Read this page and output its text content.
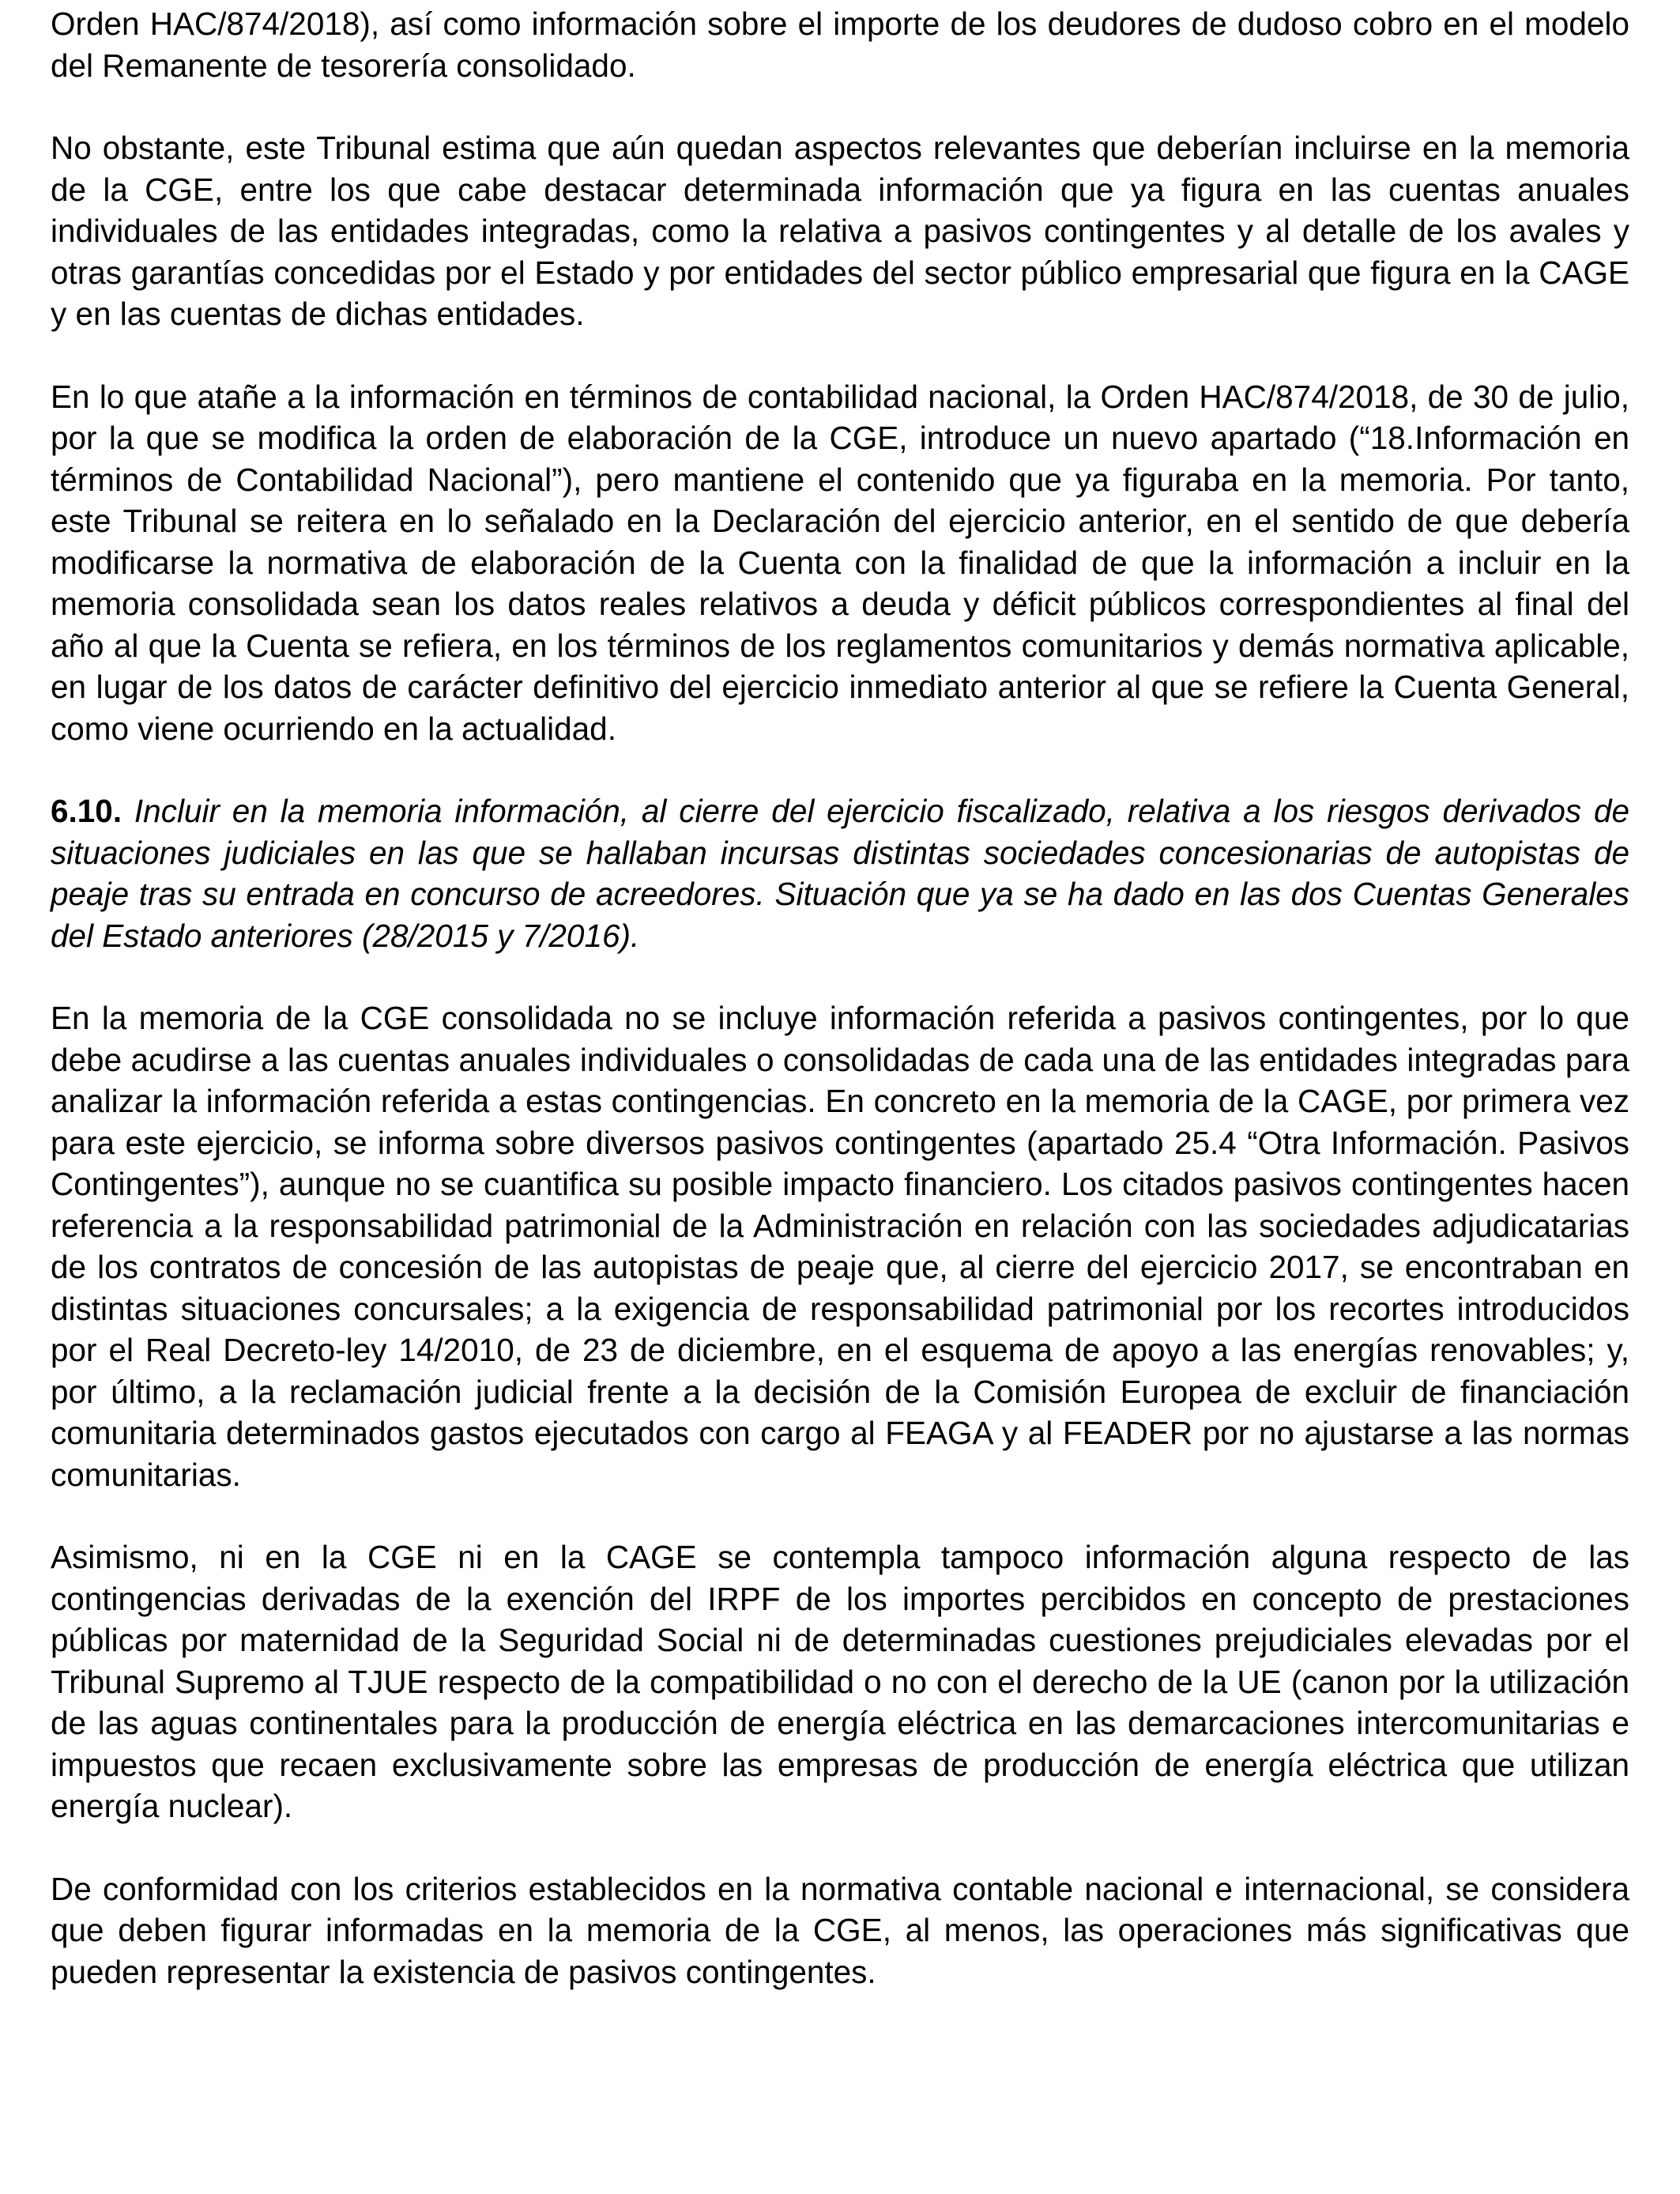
Orden HAC/874/2018), así como información sobre el importe de los deudores de dudoso cobro en el modelo del Remanente de tesorería consolidado.

No obstante, este Tribunal estima que aún quedan aspectos relevantes que deberían incluirse en la memoria de la CGE, entre los que cabe destacar determinada información que ya figura en las cuentas anuales individuales de las entidades integradas, como la relativa a pasivos contingentes y al detalle de los avales y otras garantías concedidas por el Estado y por entidades del sector público empresarial que figura en la CAGE y en las cuentas de dichas entidades.

En lo que atañe a la información en términos de contabilidad nacional, la Orden HAC/874/2018, de 30 de julio, por la que se modifica la orden de elaboración de la CGE, introduce un nuevo apartado (“18.Información en términos de Contabilidad Nacional”), pero mantiene el contenido que ya figuraba en la memoria. Por tanto, este Tribunal se reitera en lo señalado en la Declaración del ejercicio anterior, en el sentido de que debería modificarse la normativa de elaboración de la Cuenta con la finalidad de que la información a incluir en la memoria consolidada sean los datos reales relativos a deuda y déficit públicos correspondientes al final del año al que la Cuenta se refiera, en los términos de los reglamentos comunitarios y demás normativa aplicable, en lugar de los datos de carácter definitivo del ejercicio inmediato anterior al que se refiere la Cuenta General, como viene ocurriendo en la actualidad.

6.10. Incluir en la memoria información, al cierre del ejercicio fiscalizado, relativa a los riesgos derivados de situaciones judiciales en las que se hallaban incursas distintas sociedades concesionarias de autopistas de peaje tras su entrada en concurso de acreedores. Situación que ya se ha dado en las dos Cuentas Generales del Estado anteriores (28/2015 y 7/2016).

En la memoria de la CGE consolidada no se incluye información referida a pasivos contingentes, por lo que debe acudirse a las cuentas anuales individuales o consolidadas de cada una de las entidades integradas para analizar la información referida a estas contingencias. En concreto en la memoria de la CAGE, por primera vez para este ejercicio, se informa sobre diversos pasivos contingentes (apartado 25.4 “Otra Información. Pasivos Contingentes”), aunque no se cuantifica su posible impacto financiero. Los citados pasivos contingentes hacen referencia a la responsabilidad patrimonial de la Administración en relación con las sociedades adjudicatarias de los contratos de concesión de las autopistas de peaje que, al cierre del ejercicio 2017, se encontraban en distintas situaciones concursales; a la exigencia de responsabilidad patrimonial por los recortes introducidos por el Real Decreto-ley 14/2010, de 23 de diciembre, en el esquema de apoyo a las energías renovables; y, por último, a la reclamación judicial frente a la decisión de la Comisión Europea de excluir de financiación comunitaria determinados gastos ejecutados con cargo al FEAGA y al FEADER por no ajustarse a las normas comunitarias.

Asimismo, ni en la CGE ni en la CAGE se contempla tampoco información alguna respecto de las contingencias derivadas de la exención del IRPF de los importes percibidos en concepto de prestaciones públicas por maternidad de la Seguridad Social ni de determinadas cuestiones prejudiciales elevadas por el Tribunal Supremo al TJUE respecto de la compatibilidad o no con el derecho de la UE (canon por la utilización de las aguas continentales para la producción de energía eléctrica en las demarcaciones intercomunitarias e impuestos que recaen exclusivamente sobre las empresas de producción de energía eléctrica que utilizan energía nuclear).

De conformidad con los criterios establecidos en la normativa contable nacional e internacional, se considera que deben figurar informadas en la memoria de la CGE, al menos, las operaciones más significativas que pueden representar la existencia de pasivos contingentes.
